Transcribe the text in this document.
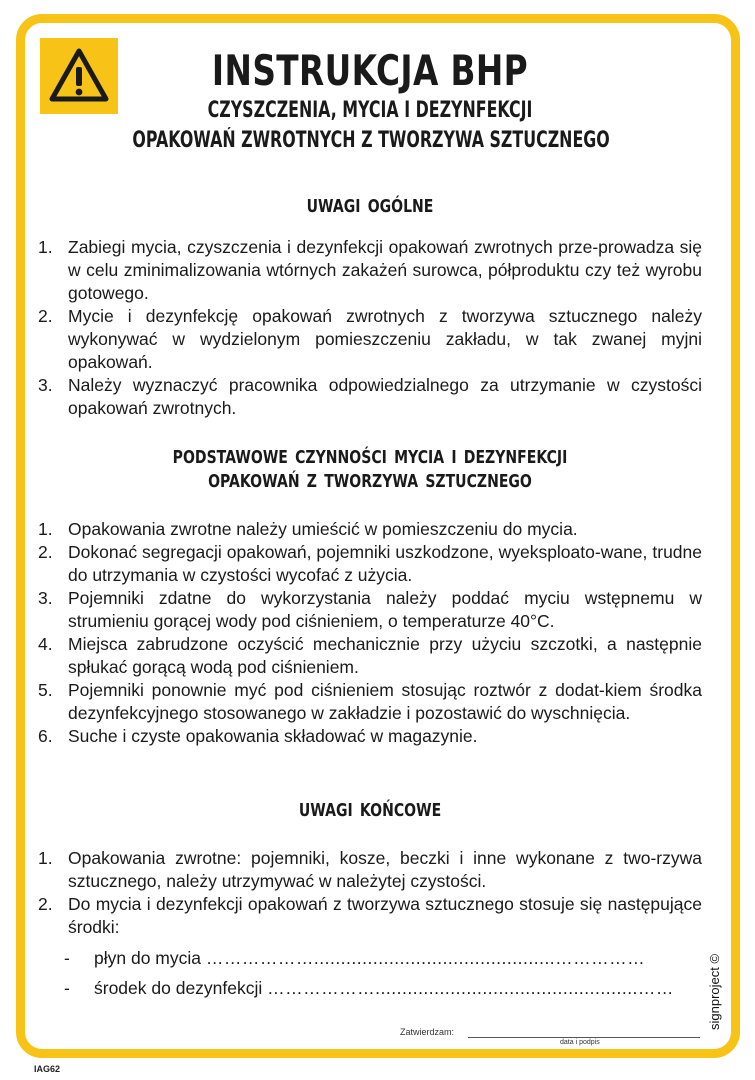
INSTRUKCJA BHP
CZYSZCZENIA, MYCIA I DEZYNFEKCJI
OPAKOWAŃ ZWROTNYCH Z TWORZYWA SZTUCZNEGO
UWAGI OGÓLNE
1. Zabiegi mycia, czyszczenia i dezynfekcji opakowań zwrotnych prze-prowadza się w celu zminimalizowania wtórnych zakażeń surowca, półproduktu czy też wyrobu gotowego.
2. Mycie i dezynfekcję opakowań zwrotnych z tworzywa sztucznego należy wykonywać w wydzielonym pomieszczeniu zakładu, w tak zwanej myjni opakowań.
3. Należy wyznaczyć pracownika odpowiedzialnego za utrzymanie w czystości opakowań zwrotnych.
PODSTAWOWE CZYNNOŚCI MYCIA I DEZYNFEKCJI
OPAKOWAŃ Z TWORZYWA SZTUCZNEGO
1. Opakowania zwrotne należy umieścić w pomieszczeniu do mycia.
2. Dokonać segregacji opakowań, pojemniki uszkodzone, wyeksploato-wane, trudne do utrzymania w czystości wycofać z użycia.
3. Pojemniki zdatne do wykorzystania należy poddać myciu wstępnemu w strumieniu gorącej wody pod ciśnieniem, o temperaturze 40°C.
4. Miejsca zabrudzone oczyścić mechanicznie przy użyciu szczotki, a następnie spłukać gorącą wodą pod ciśnieniem.
5. Pojemniki ponownie myć pod ciśnieniem stosując roztwór z dodat-kiem środka dezynfekcyjnego stosowanego w zakładzie i pozostawić do wyschnięcia.
6. Suche i czyste opakowania składować w magazynie.
UWAGI KOŃCOWE
1. Opakowania zwrotne: pojemniki, kosze, beczki i inne wykonane z two-rzywa sztucznego, należy utrzymywać w należytej czystości.
2. Do mycia i dezynfekcji opakowań z tworzywa sztucznego stosuje się następujące środki:
- płyn do mycia ……………….............................................……………
- środek do dezynfekcji ……………….................................................……
Zatwierdzam:
data i podpis
signproject ©
IAG62
